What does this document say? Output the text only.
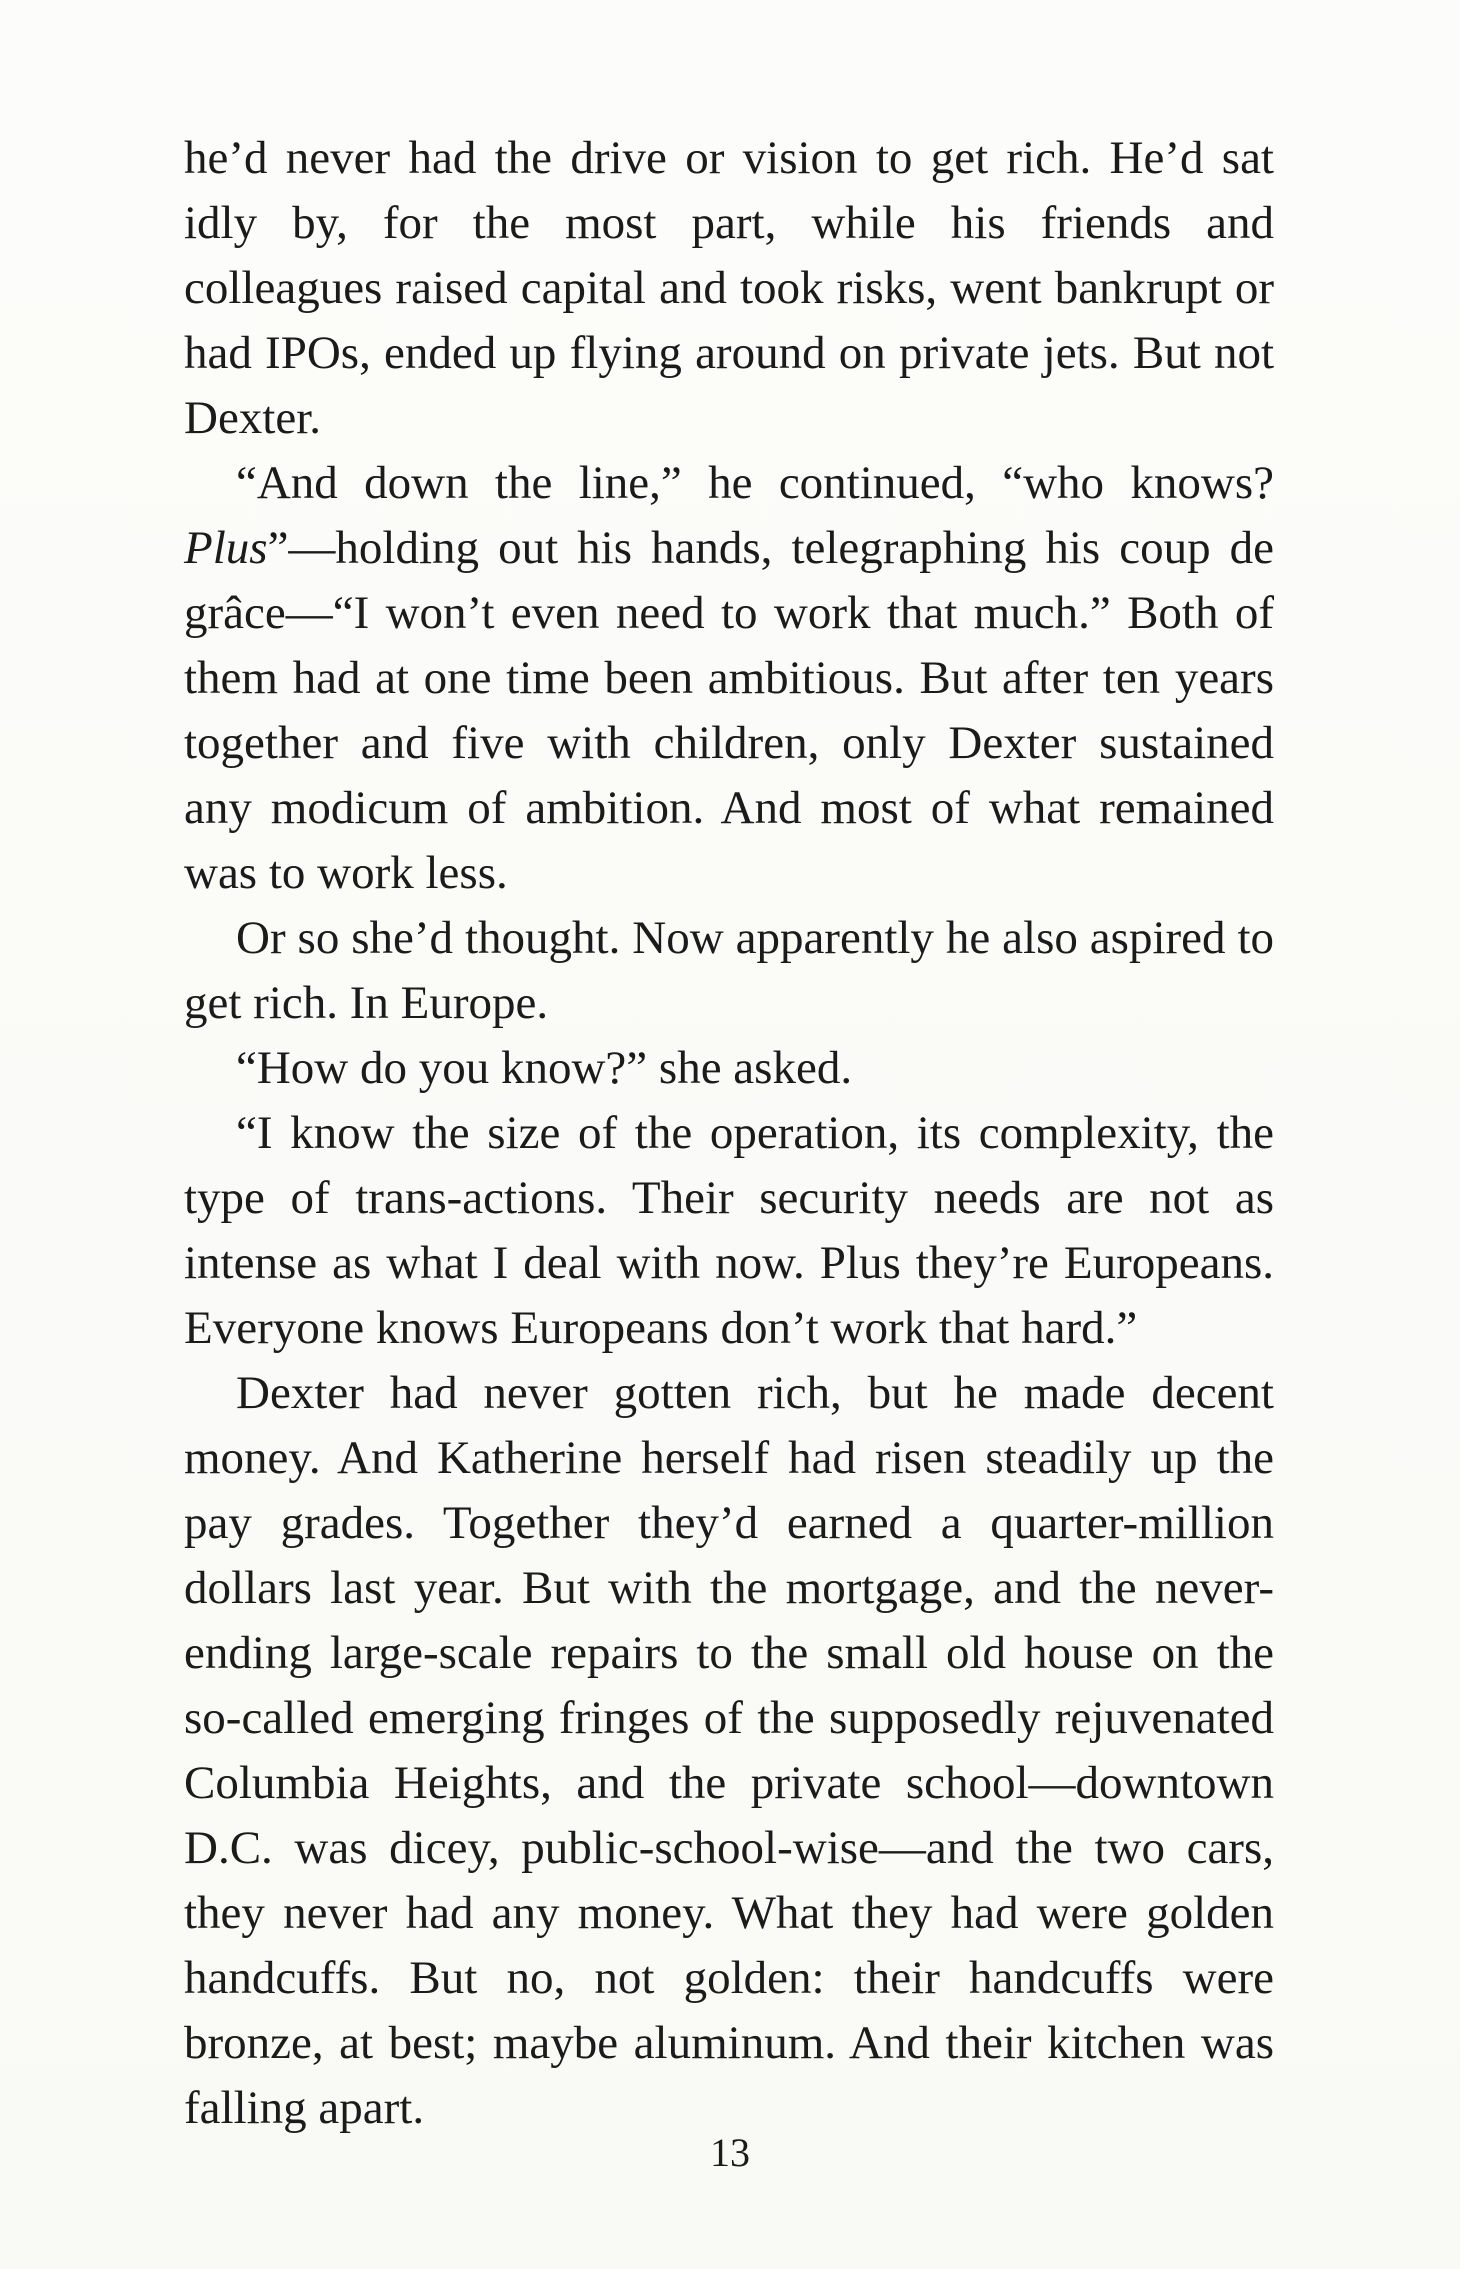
he’d never had the drive or vision to get rich. He’d sat idly by, for the most part, while his friends and colleagues raised capital and took risks, went bankrupt or had IPOs, ended up flying around on private jets. But not Dexter.

“And down the line,” he continued, “who knows? Plus”—holding out his hands, telegraphing his coup de grâce—“I won’t even need to work that much.” Both of them had at one time been ambitious. But after ten years together and five with children, only Dexter sustained any modicum of ambition. And most of what remained was to work less.

Or so she’d thought. Now apparently he also aspired to get rich. In Europe.

“How do you know?” she asked.

“I know the size of the operation, its complexity, the type of trans-actions. Their security needs are not as intense as what I deal with now. Plus they’re Europeans. Everyone knows Europeans don’t work that hard.”

Dexter had never gotten rich, but he made decent money. And Katherine herself had risen steadily up the pay grades. Together they’d earned a quarter-million dollars last year. But with the mortgage, and the never-ending large-scale repairs to the small old house on the so-called emerging fringes of the supposedly rejuvenated Columbia Heights, and the private school—downtown D.C. was dicey, public-school-wise—and the two cars, they never had any money. What they had were golden handcuffs. But no, not golden: their handcuffs were bronze, at best; maybe aluminum. And their kitchen was falling apart.

13
